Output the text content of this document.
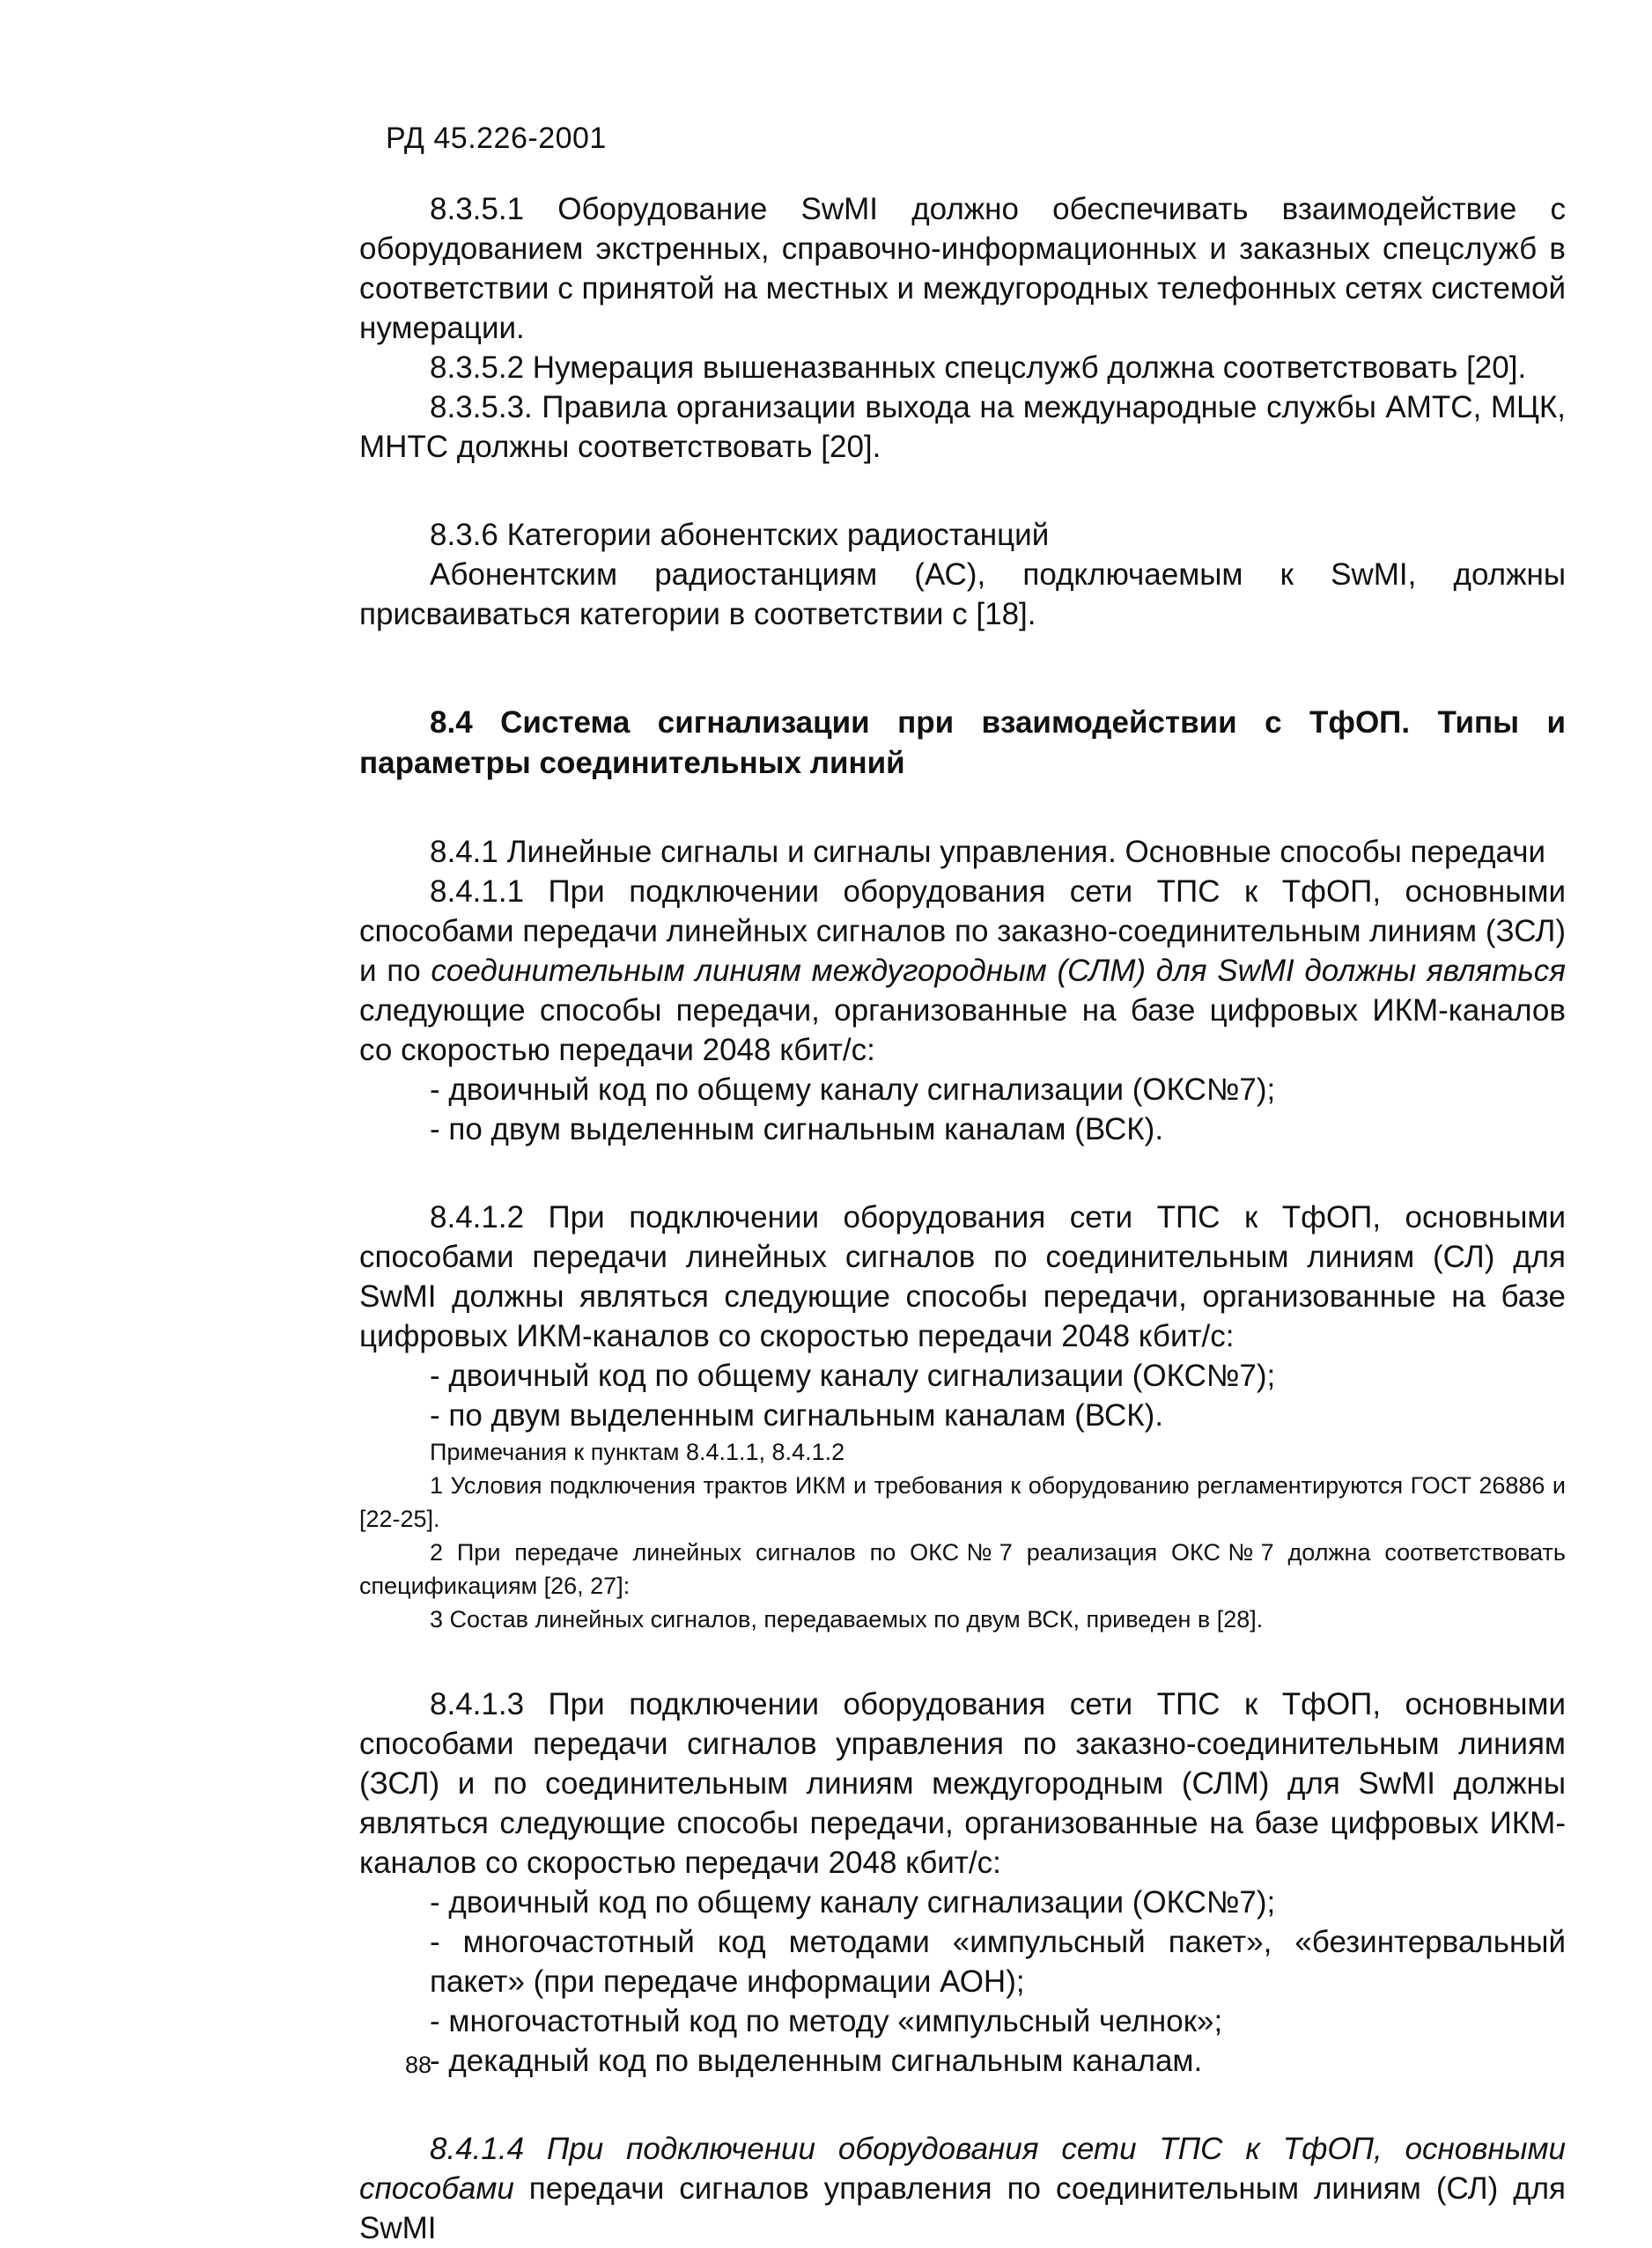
РД 45.226-2001

8.3.5.1 Оборудование SwMI должно обеспечивать взаимодействие с оборудованием экстренных, справочно-информационных и заказных спецслужб в соответствии с принятой на местных и междугородных телефонных сетях системой нумерации.

8.3.5.2 Нумерация вышеназванных спецслужб должна соответствовать [20].

8.3.5.3. Правила организации выхода на международные службы АМТС, МЦК, МНТС должны соответствовать [20].

8.3.6 Категории абонентских радиостанций

Абонентским радиостанциям (АС), подключаемым к SwMI, должны присваиваться категории в соответствии с [18].

8.4 Система сигнализации при взаимодействии с ТфОП. Типы и параметры соединительных линий

8.4.1 Линейные сигналы и сигналы управления. Основные способы передачи

8.4.1.1 При подключении оборудования сети ТПС к ТфОП, основными способами передачи линейных сигналов по заказно-соединительным линиям (ЗСЛ) и по соединительным линиям междугородным (СЛМ) для SwMI должны являться следующие способы передачи, организованные на базе цифровых ИКМ-каналов со скоростью передачи 2048 кбит/с:

- двоичный код по общему каналу сигнализации (ОКС№7);

- по двум выделенным сигнальным каналам (ВСК).

8.4.1.2 При подключении оборудования сети ТПС к ТфОП, основными способами передачи линейных сигналов по соединительным линиям (СЛ) для SwMI должны являться следующие способы передачи, организованные на базе цифровых ИКМ-каналов со скоростью передачи 2048 кбит/с:

- двоичный код по общему каналу сигнализации (ОКС№7);

- по двум выделенным сигнальным каналам (ВСК).

Примечания к пунктам 8.4.1.1, 8.4.1.2

1 Условия подключения трактов ИКМ и требования к оборудованию регламентируются ГОСТ 26886 и [22-25].

2 При передаче линейных сигналов по ОКС№7 реализация ОКС№7 должна соответствовать спецификациям [26, 27]:

3 Состав линейных сигналов, передаваемых по двум ВСК, приведен в [28].

8.4.1.3 При подключении оборудования сети ТПС к ТфОП, основными способами передачи сигналов управления по заказно-соединительным линиям (ЗСЛ) и по соединительным линиям междугородным (СЛМ) для SwMI должны являться следующие способы передачи, организованные на базе цифровых ИКМ-каналов со скоростью передачи 2048 кбит/с:

- двоичный код по общему каналу сигнализации (ОКС№7);

- многочастотный код методами «импульсный пакет», «безинтервальный пакет» (при передаче информации АОН);

- многочастотный код по методу «импульсный челнок»;

- декадный код по выделенным сигнальным каналам.

8.4.1.4 При подключении оборудования сети ТПС к ТфОП, основными способами передачи сигналов управления по соединительным линиям (СЛ) для SwMI

88
